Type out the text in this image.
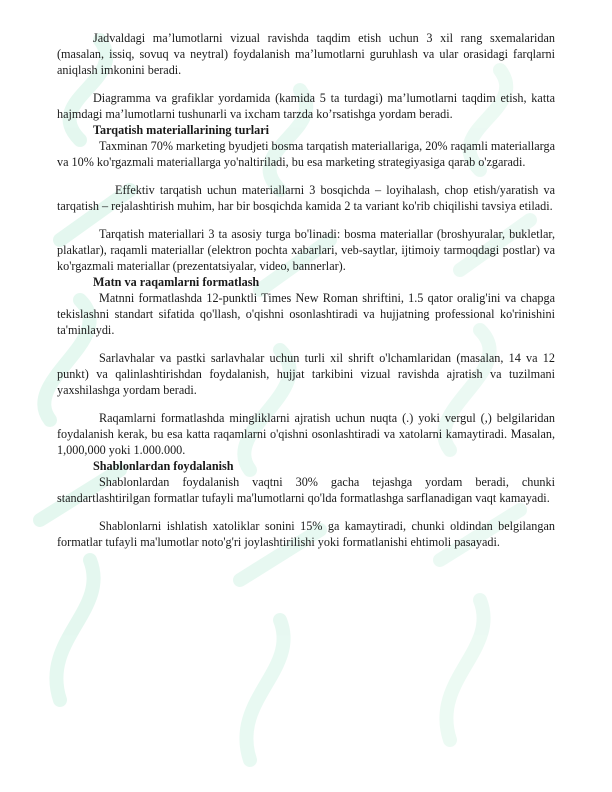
Jadvaldagi ma’lumotlarni vizual ravishda taqdim etish uchun 3 xil rang sxemalaridan (masalan, issiq, sovuq va neytral) foydalanish ma’lumotlarni guruhlash va ular orasidagi farqlarni aniqlash imkonini beradi.

Diagramma va grafiklar yordamida (kamida 5 ta turdagi) ma’lumotlarni taqdim etish, katta hajmdagi ma’lumotlarni tushunarli va ixcham tarzda ko’rsatishga yordam beradi.

Tarqatish materiallarining turlari

Taxminan 70% marketing byudjeti bosma tarqatish materiallariga, 20% raqamli materiallarga va 10% ko'rgazmali materiallarga yo'naltiriladi, bu esa marketing strategiyasiga qarab o'zgaradi.

Effektiv tarqatish uchun materiallarni 3 bosqichda – loyihalash, chop etish/yaratish va tarqatish – rejalashtirish muhim, har bir bosqichda kamida 2 ta variant ko'rib chiqilishi tavsiya etiladi.

Tarqatish materiallari 3 ta asosiy turga bo'linadi: bosma materiallar (broshyuralar, bukletlar, plakatlar), raqamli materiallar (elektron pochta xabarlari, veb-saytlar, ijtimoiy tarmoqdagi postlar) va ko'rgazmali materiallar (prezentatsiyalar, video, bannerlar).

Matn va raqamlarni formatlash

Matnni formatlashda 12-punktli Times New Roman shriftini, 1.5 qator oralig'ini va chapga tekislashni standart sifatida qo'llash, o'qishni osonlashtiradi va hujjatning professional ko'rinishini ta'minlaydi.

Sarlavhalar va pastki sarlavhalar uchun turli xil shrift o'lchamlaridan (masalan, 14 va 12 punkt) va qalinlashtirishdan foydalanish, hujjat tarkibini vizual ravishda ajratish va tuzilmani yaxshilashga yordam beradi.

Raqamlarni formatlashda mingliklarni ajratish uchun nuqta (.) yoki vergul (,) belgilaridan foydalanish kerak, bu esa katta raqamlarni o'qishni osonlashtiradi va xatolarni kamaytiradi. Masalan, 1,000,000 yoki 1.000.000.

Shablonlardan foydalanish

Shablonlardan foydalanish vaqtni 30% gacha tejashga yordam beradi, chunki standartlashtirilgan formatlar tufayli ma'lumotlarni qo'lda formatlashga sarflanadigan vaqt kamayadi.

Shablonlarni ishlatish xatoliklar sonini 15% ga kamaytiradi, chunki oldindan belgilangan formatlar tufayli ma'lumotlar noto'g'ri joylashtirilishi yoki formatlanishi ehtimoli pasayadi.
